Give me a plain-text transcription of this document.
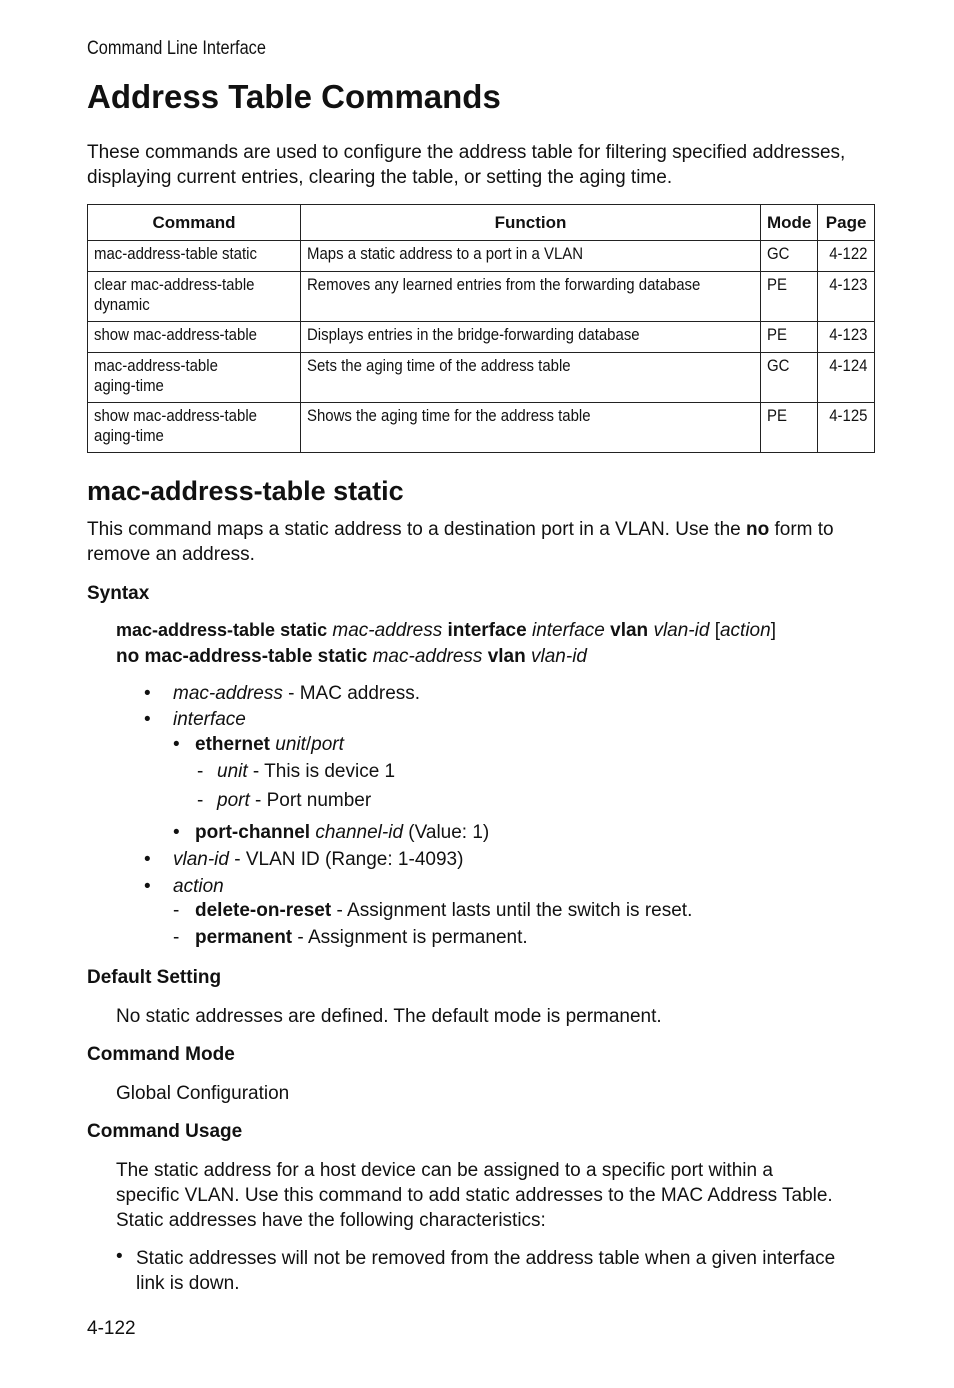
Command Line Interface
Address Table Commands

These commands are used to configure the address table for filtering specified addresses, displaying current entries, clearing the table, or setting the aging time.

Command	Function	Mode	Page
mac-address-table static	Maps a static address to a port in a VLAN	GC	4-122
clear mac-address-table dynamic	Removes any learned entries from the forwarding database	PE	4-123
show mac-address-table	Displays entries in the bridge-forwarding database	PE	4-123
mac-address-table aging-time	Sets the aging time of the address table	GC	4-124
show mac-address-table aging-time	Shows the aging time for the address table	PE	4-125
mac-address-table static

This command maps a static address to a destination port in a VLAN. Use the no form to remove an address.

Syntax
mac-address-table static mac-address interface interface vlan vlan-id [action]
no mac-address-table static mac-address vlan vlan-id
• mac-address - MAC address.
• interface
• ethernet unit/port
- unit - This is device 1
- port - Port number
• port-channel channel-id (Value: 1)
• vlan-id - VLAN ID (Range: 1-4093)
• action
- delete-on-reset - Assignment lasts until the switch is reset.
- permanent - Assignment is permanent.
Default Setting

No static addresses are defined. The default mode is permanent.

Command Mode

Global Configuration

Command Usage

The static address for a host device can be assigned to a specific port within a specific VLAN. Use this command to add static addresses to the MAC Address Table. Static addresses have the following characteristics:

• Static addresses will not be removed from the address table when a given interface link is down.

4-122
